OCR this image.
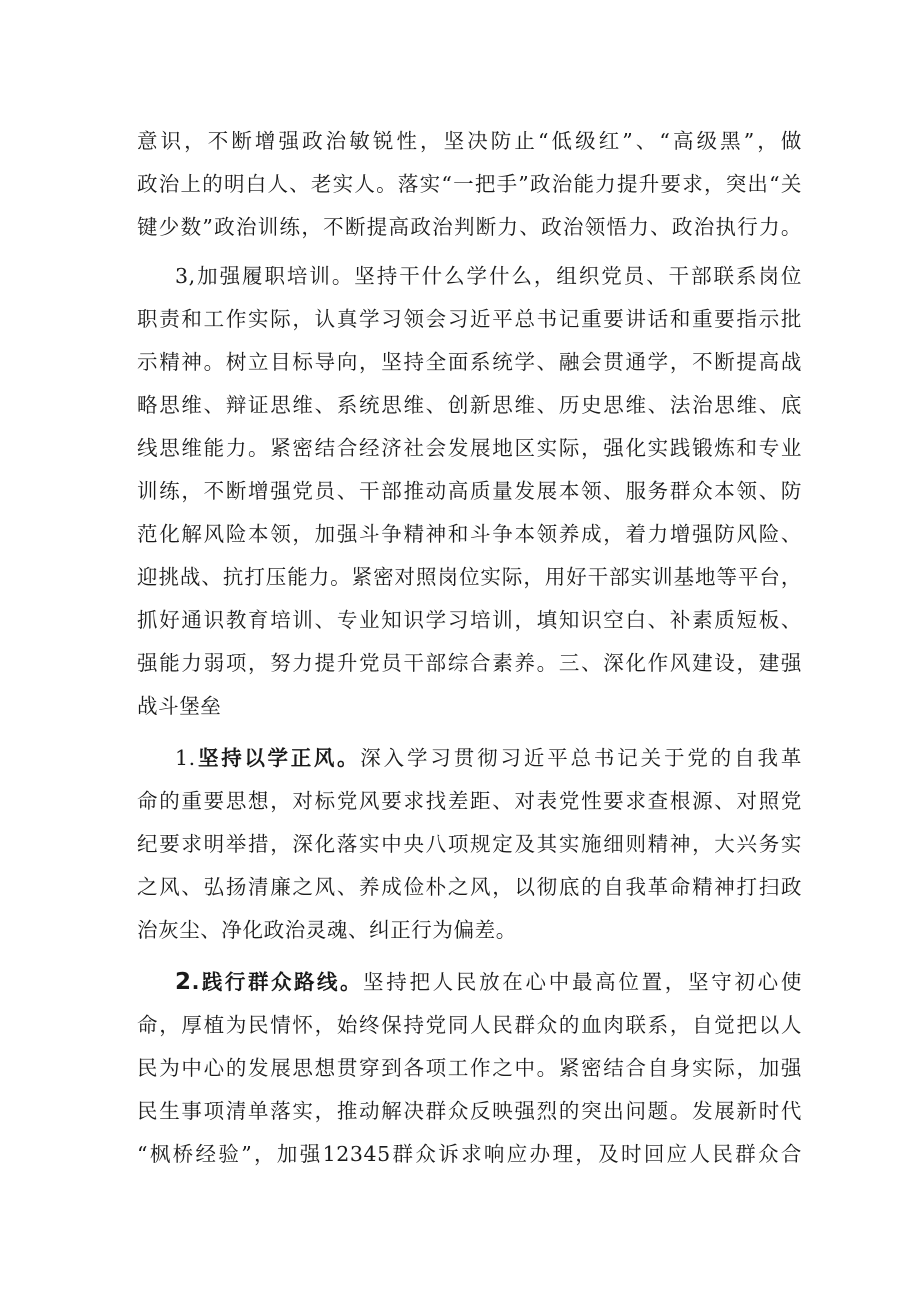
意识，不断增强政治敏锐性，坚决防止“低级红”、“高级黑”，做
政治上的明白人、老实人。落实“一把手”政治能力提升要求，突出“关
键少数”政治训练，不断提高政治判断力、政治领悟力、政治执行力。
3,加强履职培训。坚持干什么学什么，组织党员、干部联系岗位
职责和工作实际，认真学习领会习近平总书记重要讲话和重要指示批
示精神。树立目标导向，坚持全面系统学、融会贯通学，不断提高战
略思维、辩证思维、系统思维、创新思维、历史思维、法治思维、底
线思维能力。紧密结合经济社会发展地区实际，强化实践锻炼和专业
训练，不断增强党员、干部推动高质量发展本领、服务群众本领、防
范化解风险本领，加强斗争精神和斗争本领养成，着力增强防风险、
迎挑战、抗打压能力。紧密对照岗位实际，用好干部实训基地等平台，
抓好通识教育培训、专业知识学习培训，填知识空白、补素质短板、
强能力弱项，努力提升党员干部综合素养。三、深化作风建设，建强
战斗堡垒
1.坚持以学正风。深入学习贯彻习近平总书记关于党的自我革
命的重要思想，对标党风要求找差距、对表党性要求查根源、对照党
纪要求明举措，深化落实中央八项规定及其实施细则精神，大兴务实
之风、弘扬清廉之风、养成俭朴之风，以彻底的自我革命精神打扫政
治灰尘、净化政治灵魂、纠正行为偏差。
2.践行群众路线。坚持把人民放在心中最高位置，坚守初心使
命，厚植为民情怀，始终保持党同人民群众的血肉联系，自觉把以人
民为中心的发展思想贯穿到各项工作之中。紧密结合自身实际，加强
民生事项清单落实，推动解决群众反映强烈的突出问题。发展新时代
“枫桥经验”，加强12345群众诉求响应办理，及时回应人民群众合
